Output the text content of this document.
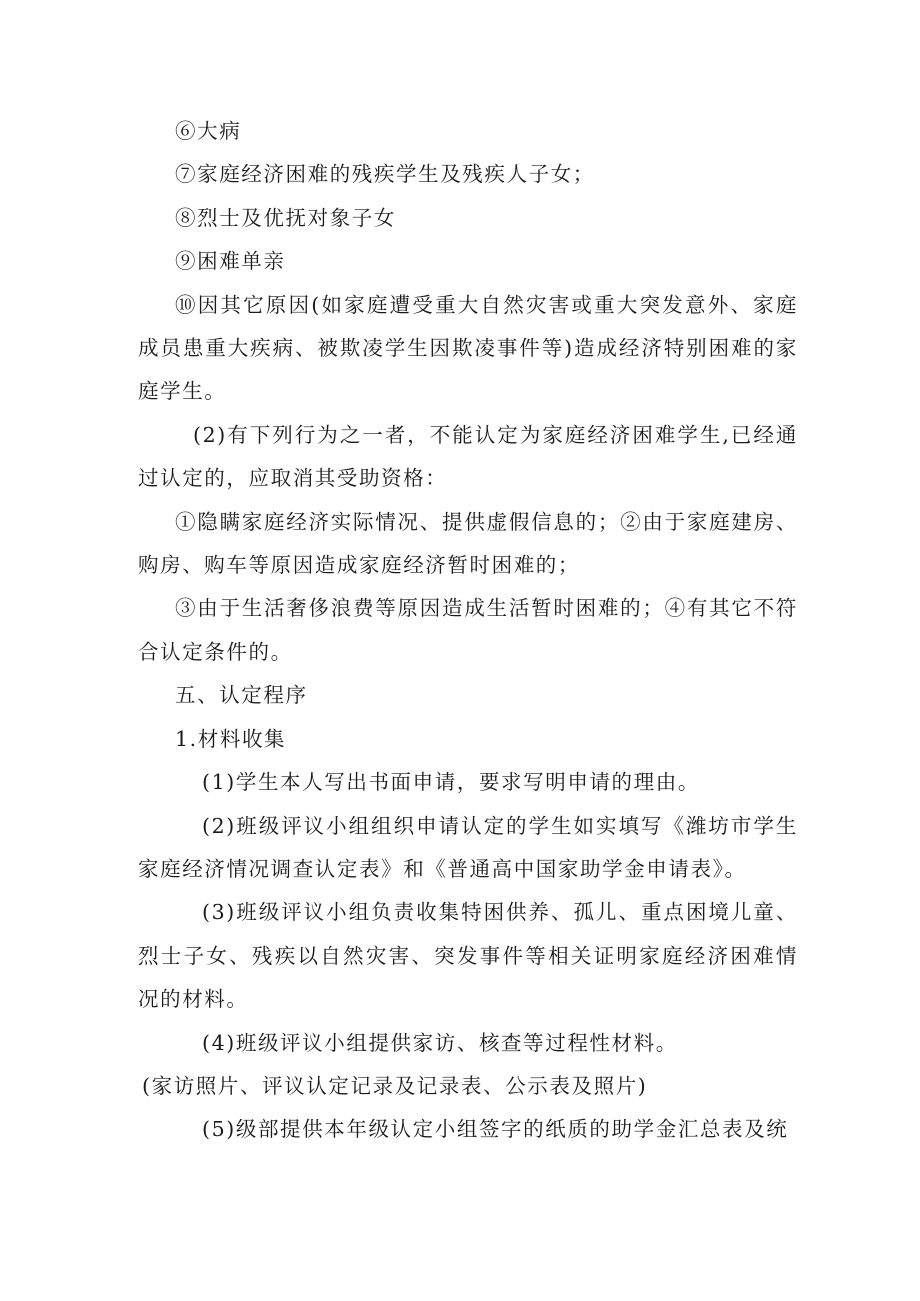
⑥大病

⑦家庭经济困难的残疾学生及残疾人子女；

⑧烈士及优抚对象子女

⑨困难单亲

⑩因其它原因(如家庭遭受重大自然灾害或重大突发意外、家庭成员患重大疾病、被欺凌学生因欺凌事件等)造成经济特别困难的家庭学生。

(2)有下列行为之一者，不能认定为家庭经济困难学生,已经通过认定的，应取消其受助资格：

①隐瞒家庭经济实际情况、提供虚假信息的；②由于家庭建房、购房、购车等原因造成家庭经济暂时困难的；

③由于生活奢侈浪费等原因造成生活暂时困难的；④有其它不符合认定条件的。

五、认定程序

1.材料收集

(1)学生本人写出书面申请，要求写明申请的理由。

(2)班级评议小组组织申请认定的学生如实填写《潍坊市学生家庭经济情况调查认定表》和《普通高中国家助学金申请表》。

(3)班级评议小组负责收集特困供养、孤儿、重点困境儿童、烈士子女、残疾以自然灾害、突发事件等相关证明家庭经济困难情况的材料。

(4)班级评议小组提供家访、核查等过程性材料。

(家访照片、评议认定记录及记录表、公示表及照片)

(5)级部提供本年级认定小组签字的纸质的助学金汇总表及统
